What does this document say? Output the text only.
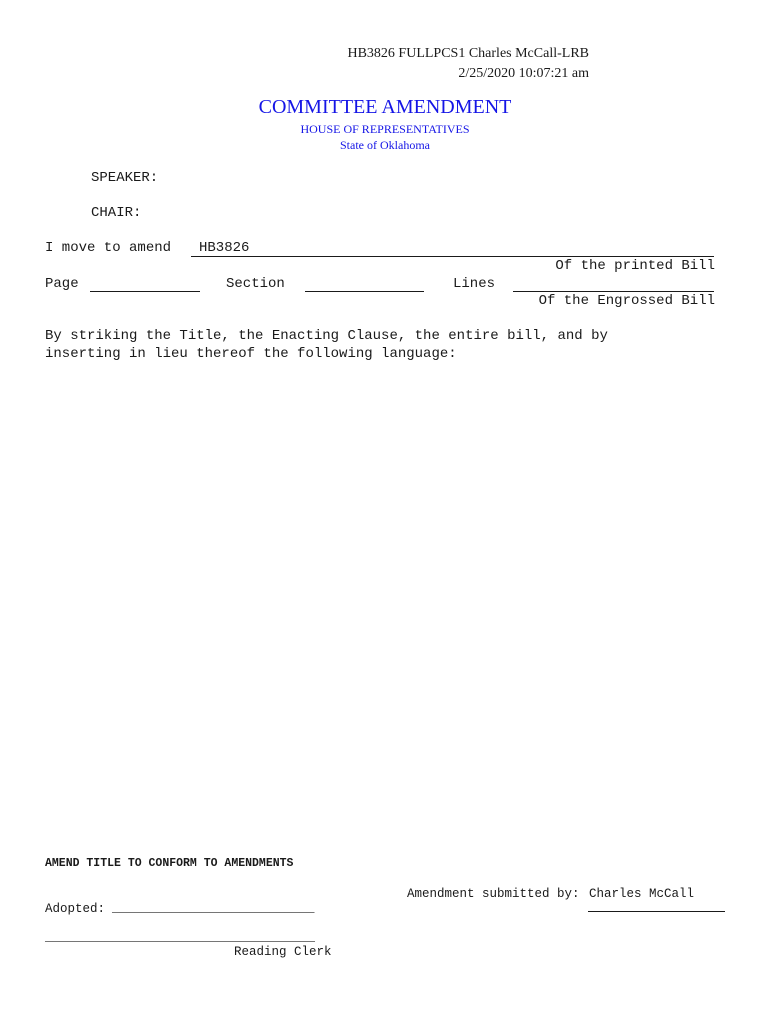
HB3826 FULLPCS1 Charles McCall-LRB
2/25/2020 10:07:21 am
COMMITTEE AMENDMENT
HOUSE OF REPRESENTATIVES
State of Oklahoma
SPEAKER:
CHAIR:
I move to amend HB3826
Of the printed Bill
Page	Section	Lines
Of the Engrossed Bill
By striking the Title, the Enacting Clause, the entire bill, and by
inserting in lieu thereof the following language:
AMEND TITLE TO CONFORM TO AMENDMENTS
Amendment submitted by: Charles McCall
Adopted: ___________________________
____________________________________
Reading Clerk
